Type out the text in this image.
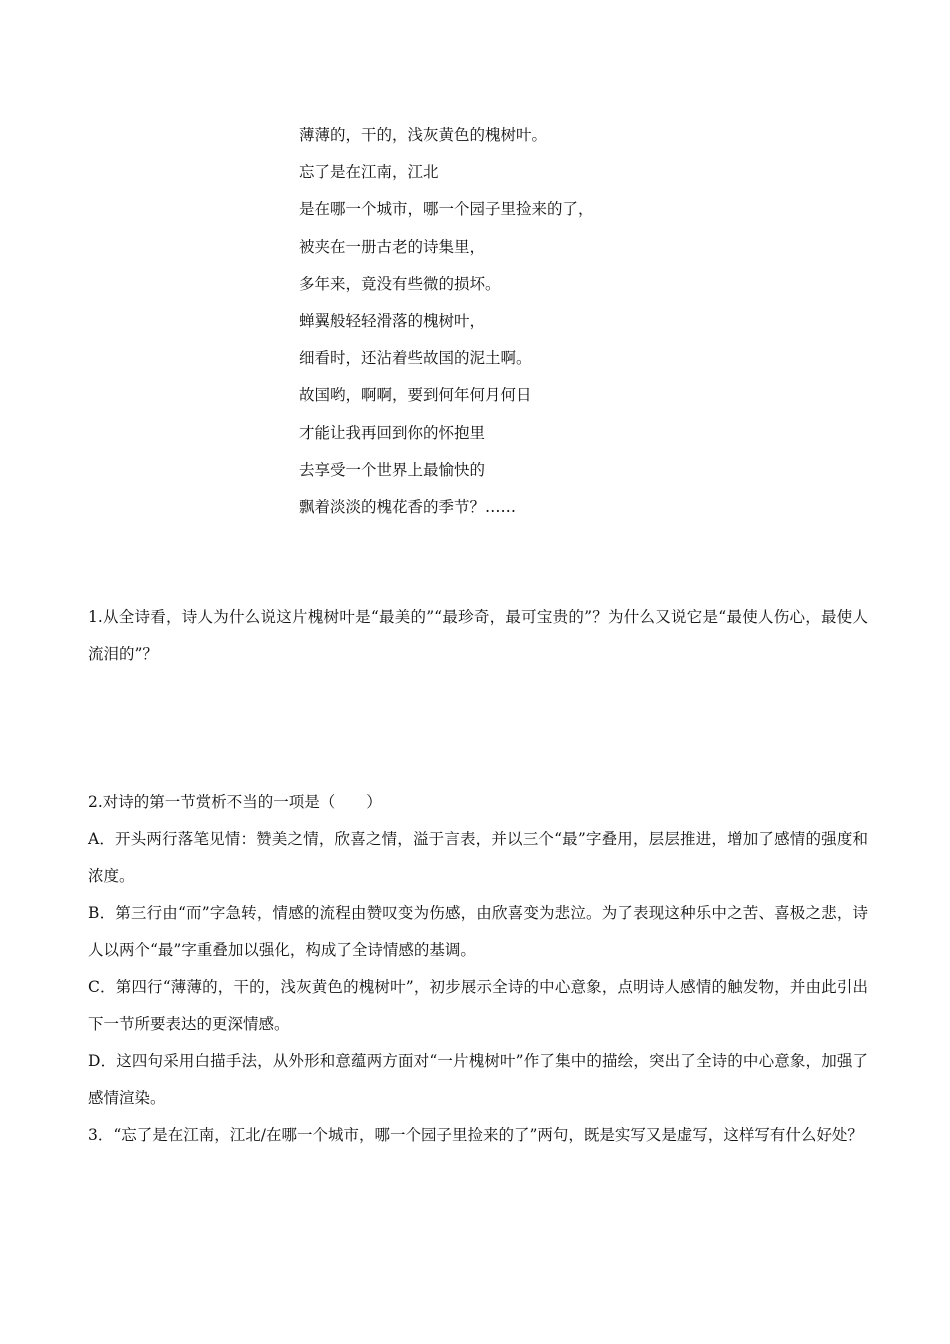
薄薄的，干的，浅灰黄色的槐树叶。
忘了是在江南，江北
是在哪一个城市，哪一个园子里捡来的了，
被夹在一册古老的诗集里，
多年来，竟没有些微的损坏。
蝉翼般轻轻滑落的槐树叶，
细看时，还沾着些故国的泥土啊。
故国哟，啊啊，要到何年何月何日
才能让我再回到你的怀抱里
去享受一个世界上最愉快的
飘着淡淡的槐花香的季节？……

1.从全诗看，诗人为什么说这片槐树叶是“最美的”“最珍奇，最可宝贵的”？为什么又说它是“最使人伤心，最使人流泪的”？

2.对诗的第一节赏析不当的一项是（　　）

A．开头两行落笔见情：赞美之情，欣喜之情，溢于言表，并以三个“最”字叠用，层层推进，增加了感情的强度和浓度。

B．第三行由“而”字急转，情感的流程由赞叹变为伤感，由欣喜变为悲泣。为了表现这种乐中之苦、喜极之悲，诗人以两个“最”字重叠加以强化，构成了全诗情感的基调。

C．第四行“薄薄的，干的，浅灰黄色的槐树叶”，初步展示全诗的中心意象，点明诗人感情的触发物，并由此引出下一节所要表达的更深情感。

D．这四句采用白描手法，从外形和意蕴两方面对“一片槐树叶”作了集中的描绘，突出了全诗的中心意象，加强了感情渲染。

3．“忘了是在江南，江北/在哪一个城市，哪一个园子里捡来的了”两句，既是实写又是虚写，这样写有什么好处？
